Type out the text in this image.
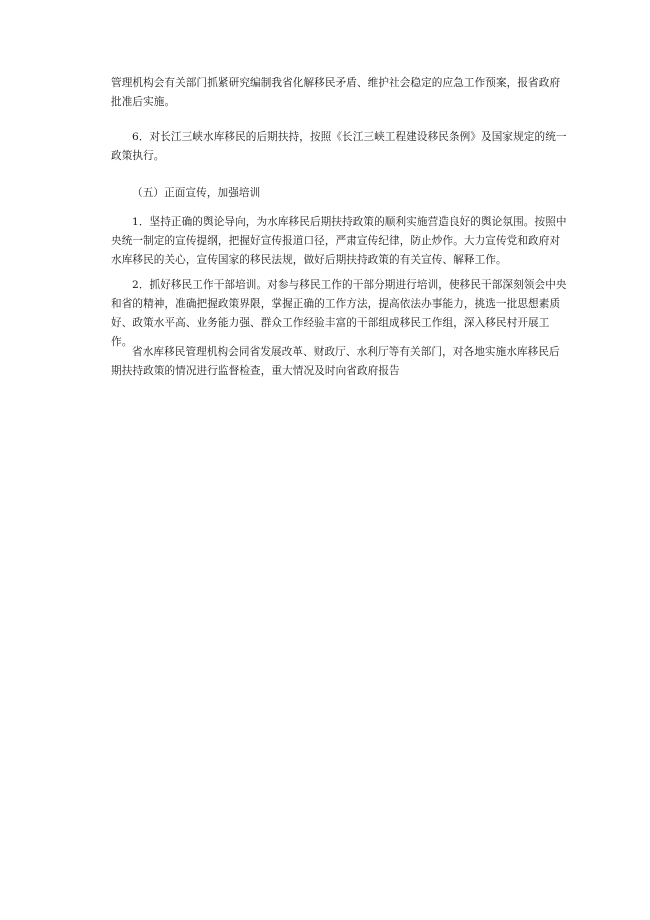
管理机构会有关部门抓紧研究编制我省化解移民矛盾、维护社会稳定的应急工作预案，报省政府批准后实施。

6．对长江三峡水库移民的后期扶持，按照《长江三峡工程建设移民条例》及国家规定的统一政策执行。

（五）正面宣传，加强培训

1．坚持正确的舆论导向，为水库移民后期扶持政策的顺利实施营造良好的舆论氛围。按照中央统一制定的宣传提纲，把握好宣传报道口径，严肃宣传纪律，防止炒作。大力宣传党和政府对水库移民的关心，宣传国家的移民法规，做好后期扶持政策的有关宣传、解释工作。

2．抓好移民工作干部培训。对参与移民工作的干部分期进行培训，使移民干部深刻领会中央和省的精神，准确把握政策界限，掌握正确的工作方法，提高依法办事能力，挑选一批思想素质好、政策水平高、业务能力强、群众工作经验丰富的干部组成移民工作组，深入移民村开展工作。

省水库移民管理机构会同省发展改革、财政厅、水利厅等有关部门，对各地实施水库移民后期扶持政策的情况进行监督检查，重大情况及时向省政府报告
